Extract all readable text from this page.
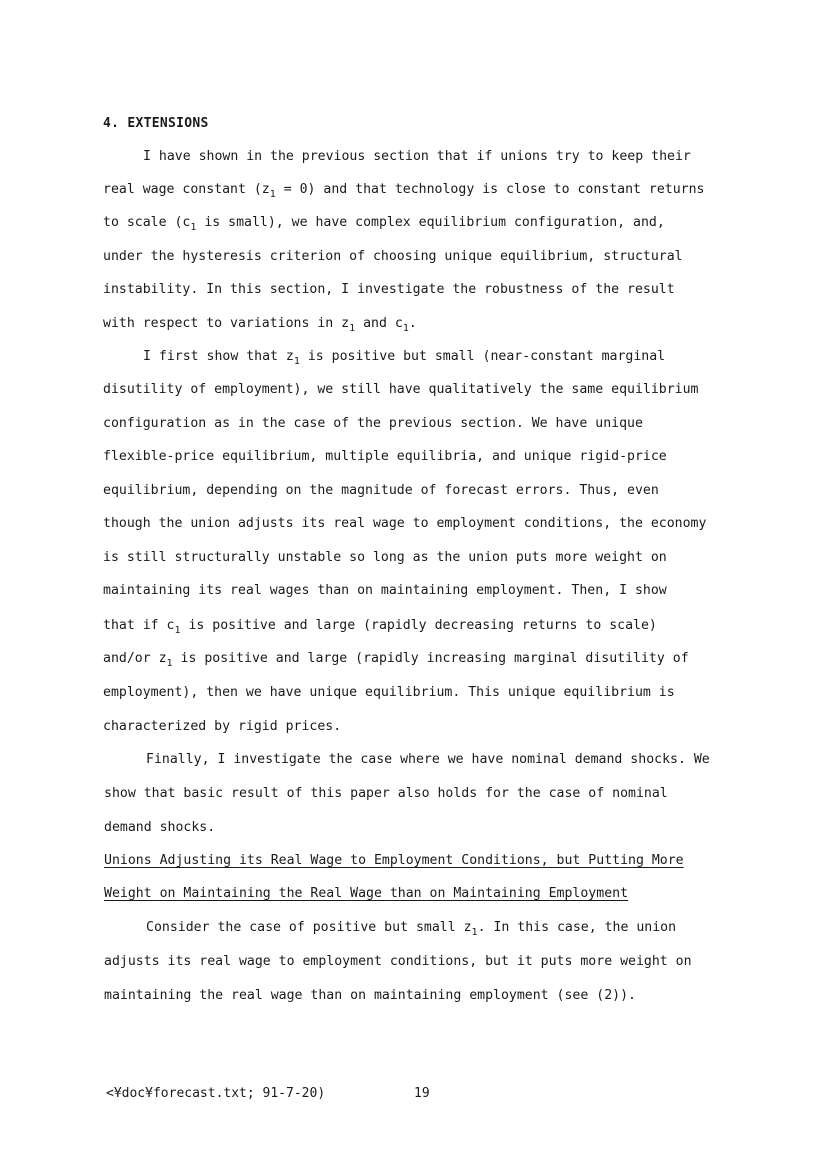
4. EXTENSIONS
I have shown in the previous section that if unions try to keep their
real wage constant $(z_1 = 0)$ and that technology is close to constant returns
to scale ($c_1$ is small), we have complex equilibrium configuration, and,
under the hysteresis criterion of choosing unique equilibrium, structural
instability. In this section, I investigate the robustness of the result
with respect to variations in $z_1$ and $c_1$.
I first show that $z_1$ is positive but small (near-constant marginal
disutility of employment), we still have qualitatively the same equilibrium
configuration as in the case of the previous section. We have unique
flexible-price equilibrium, multiple equilibria, and unique rigid-price
equilibrium, depending on the magnitude of forecast errors. Thus, even
though the union adjusts its real wage to employment conditions, the economy
is still structurally unstable so long as the union puts more weight on
maintaining its real wages than on maintaining employment. Then, I show
that if $c_1$ is positive and large (rapidly decreasing returns to scale)
and/or $z_1$ is positive and large (rapidly increasing marginal disutility of
employment), then we have unique equilibrium. This unique equilibrium is
characterized by rigid prices.
Finally, I investigate the case where we have nominal demand shocks. We
show that basic result of this paper also holds for the case of nominal
demand shocks.
Unions Adjusting its Real Wage to Employment Conditions, but Putting More
Weight on Maintaining the Real Wage than on Maintaining Employment
Consider the case of positive but small $z_1$. In this case, the union
adjusts its real wage to employment conditions, but it puts more weight on
maintaining the real wage than on maintaining employment (see (2)).
<¥doc¥forecast.txt; 91-7-20)	19
